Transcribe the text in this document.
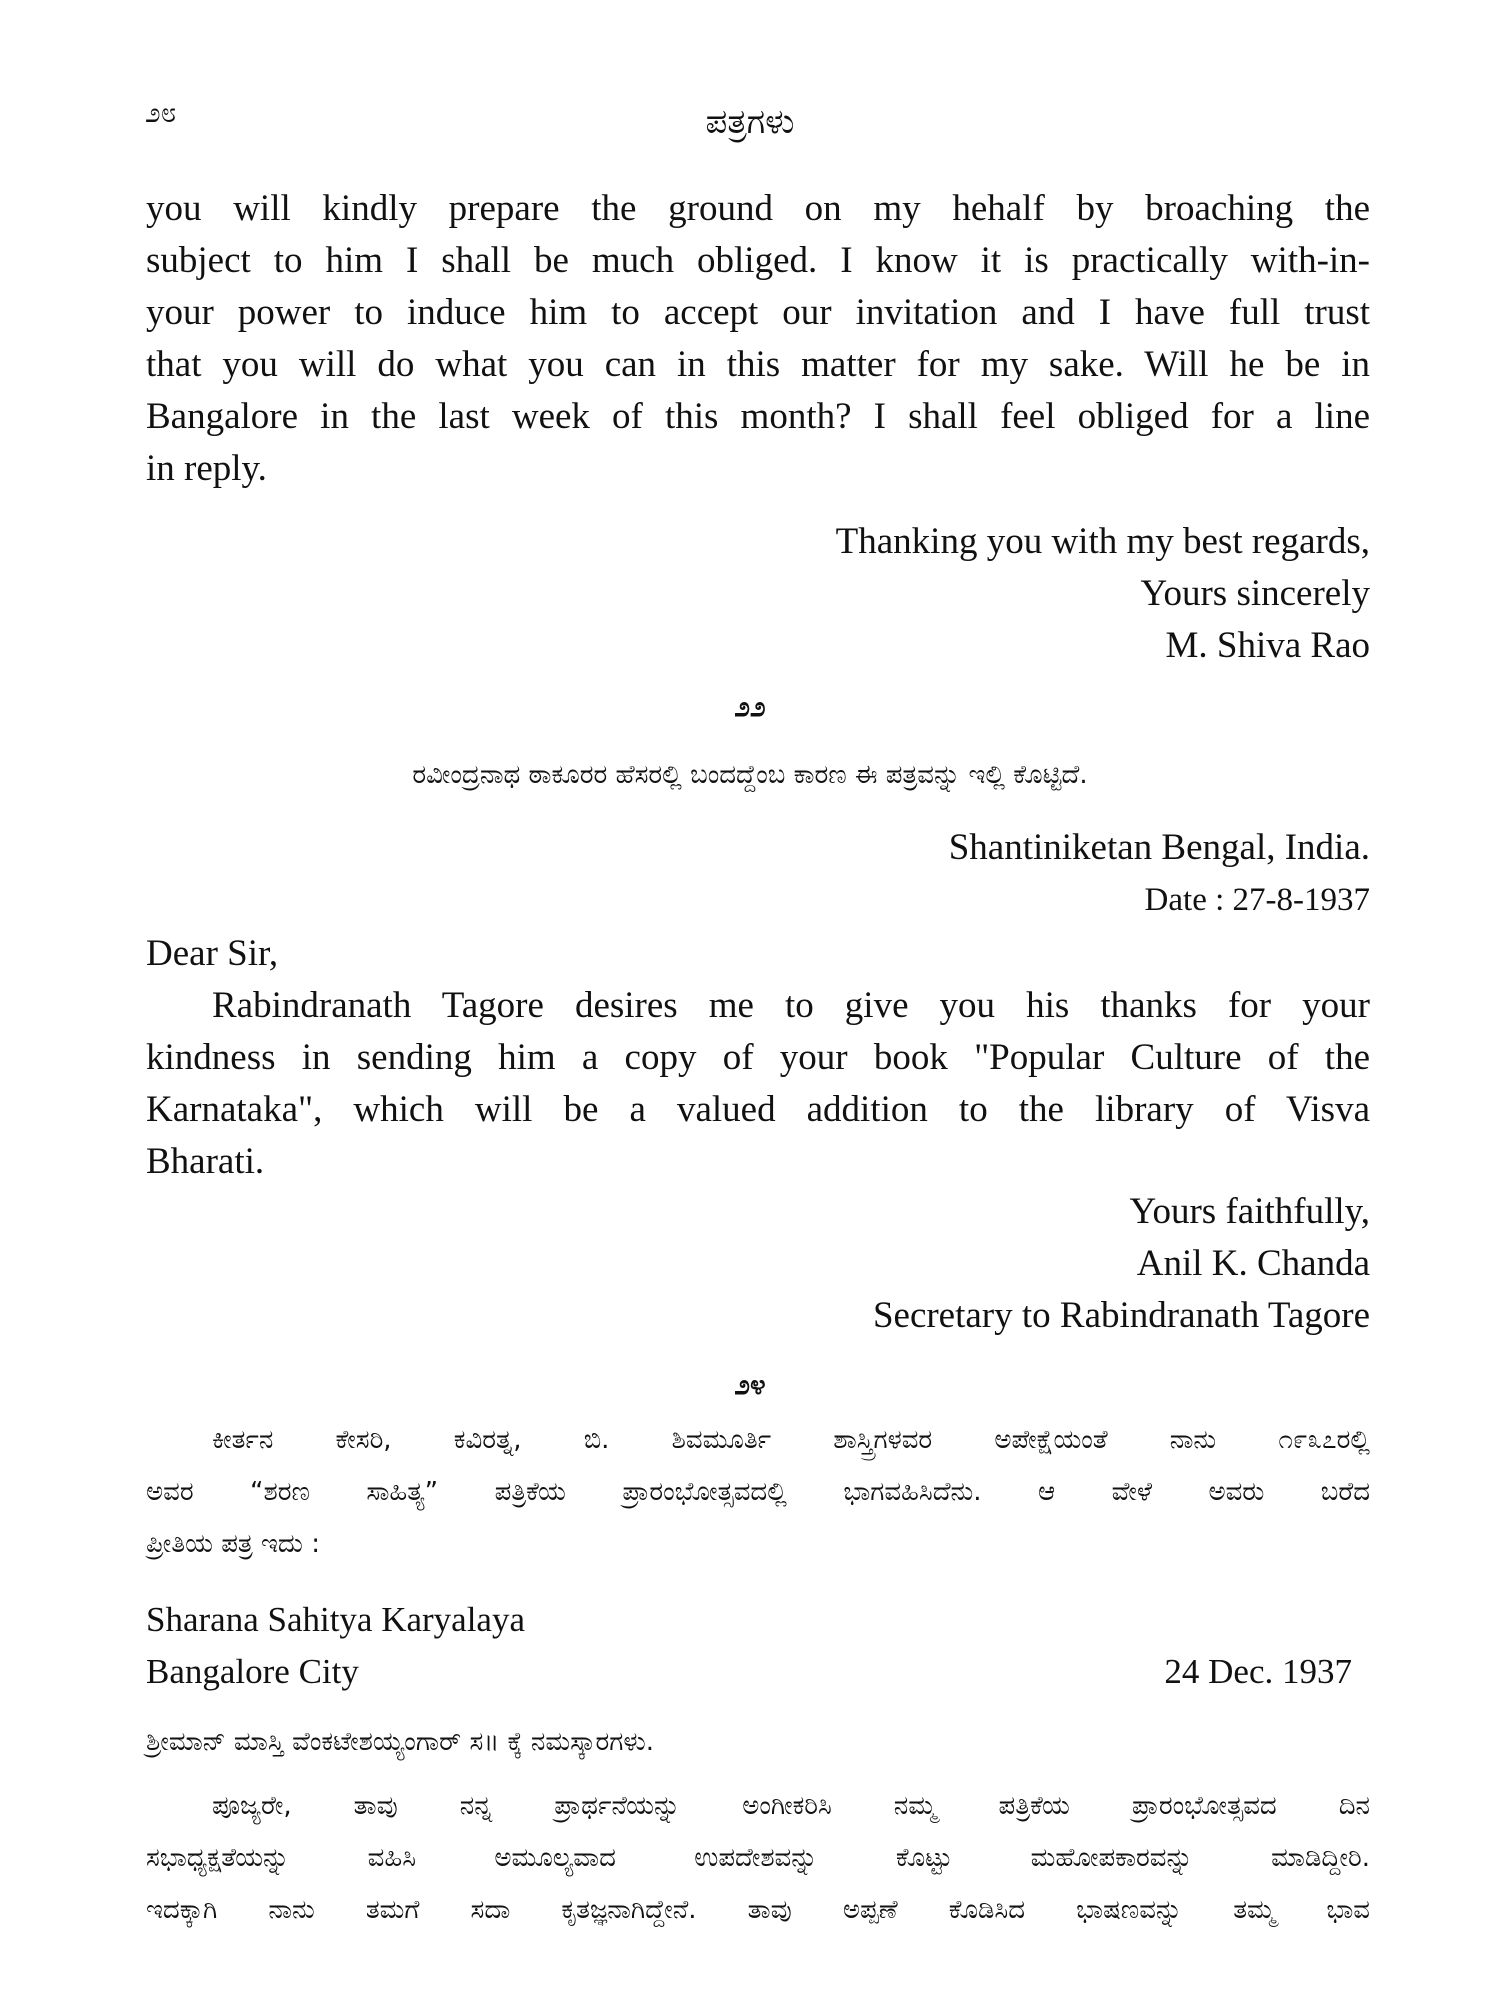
೨೮	ಪತ್ರಗಳು
you will kindly prepare the ground on my hehalf by broaching the
subject to him I shall be much obliged. I know it is practically with-in-
your power to induce him to accept our invitation and I have full trust
that you will do what you can in this matter for my sake. Will he be in
Bangalore in the last week of this month? I shall feel obliged for a line
in reply.
Thanking you with my best regards,
Yours sincerely
M. Shiva Rao
೨೨
ರವೀಂದ್ರನಾಥ ಠಾಕೂರರ ಹೆಸರಲ್ಲಿ ಬಂದದ್ದೆಂಬ ಕಾರಣ ಈ ಪತ್ರವನ್ನು ಇಲ್ಲಿ ಕೊಟ್ಟಿದೆ.
Shantiniketan Bengal, India.
Date : 27-8-1937
Dear Sir,
Rabindranath Tagore desires me to give you his thanks for your
kindness in sending him a copy of your book "Popular Culture of the
Karnataka", which will be a valued addition to the library of Visva
Bharati.
Yours faithfully,
Anil K. Chanda
Secretary to Rabindranath Tagore
೨೪
ಕೀರ್ತನ ಕೇಸರಿ, ಕವಿರತ್ನ, ಬಿ. ಶಿವಮೂರ್ತಿ ಶಾಸ್ತ್ರಿಗಳವರ ಅಪೇಕ್ಷೆಯಂತೆ ನಾನು ೧೯೩೭ರಲ್ಲಿ
ಅವರ “ಶರಣ ಸಾಹಿತ್ಯ” ಪತ್ರಿಕೆಯ ಪ್ರಾರಂಭೋತ್ಸವದಲ್ಲಿ ಭಾಗವಹಿಸಿದೆನು. ಆ ವೇಳೆ ಅವರು ಬರೆದ
ಪ್ರೀತಿಯ ಪತ್ರ ಇದು :
Sharana Sahitya Karyalaya
Bangalore City	24 Dec. 1937
ಶ್ರೀಮಾನ್ ಮಾಸ್ತಿ ವೆಂಕಟೇಶಯ್ಯಂಗಾರ್ ಸ॥ ಕ್ಕೆ ನಮಸ್ಕಾರಗಳು.
ಪೂಜ್ಯರೇ, ತಾವು ನನ್ನ ಪ್ರಾರ್ಥನೆಯನ್ನು ಅಂಗೀಕರಿಸಿ ನಮ್ಮ ಪತ್ರಿಕೆಯ ಪ್ರಾರಂಭೋತ್ಸವದ ದಿನ
ಸಭಾಧ್ಯಕ್ಷತೆಯನ್ನು ವಹಿಸಿ ಅಮೂಲ್ಯವಾದ ಉಪದೇಶವನ್ನು ಕೊಟ್ಟು ಮಹೋಪಕಾರವನ್ನು ಮಾಡಿದ್ದೀರಿ.
ಇದಕ್ಕಾಗಿ ನಾನು ತಮಗೆ ಸದಾ ಕೃತಜ್ಞನಾಗಿದ್ದೇನೆ. ತಾವು ಅಪ್ಪಣೆ ಕೊಡಿಸಿದ ಭಾಷಣವನ್ನು ತಮ್ಮ ಭಾವ
